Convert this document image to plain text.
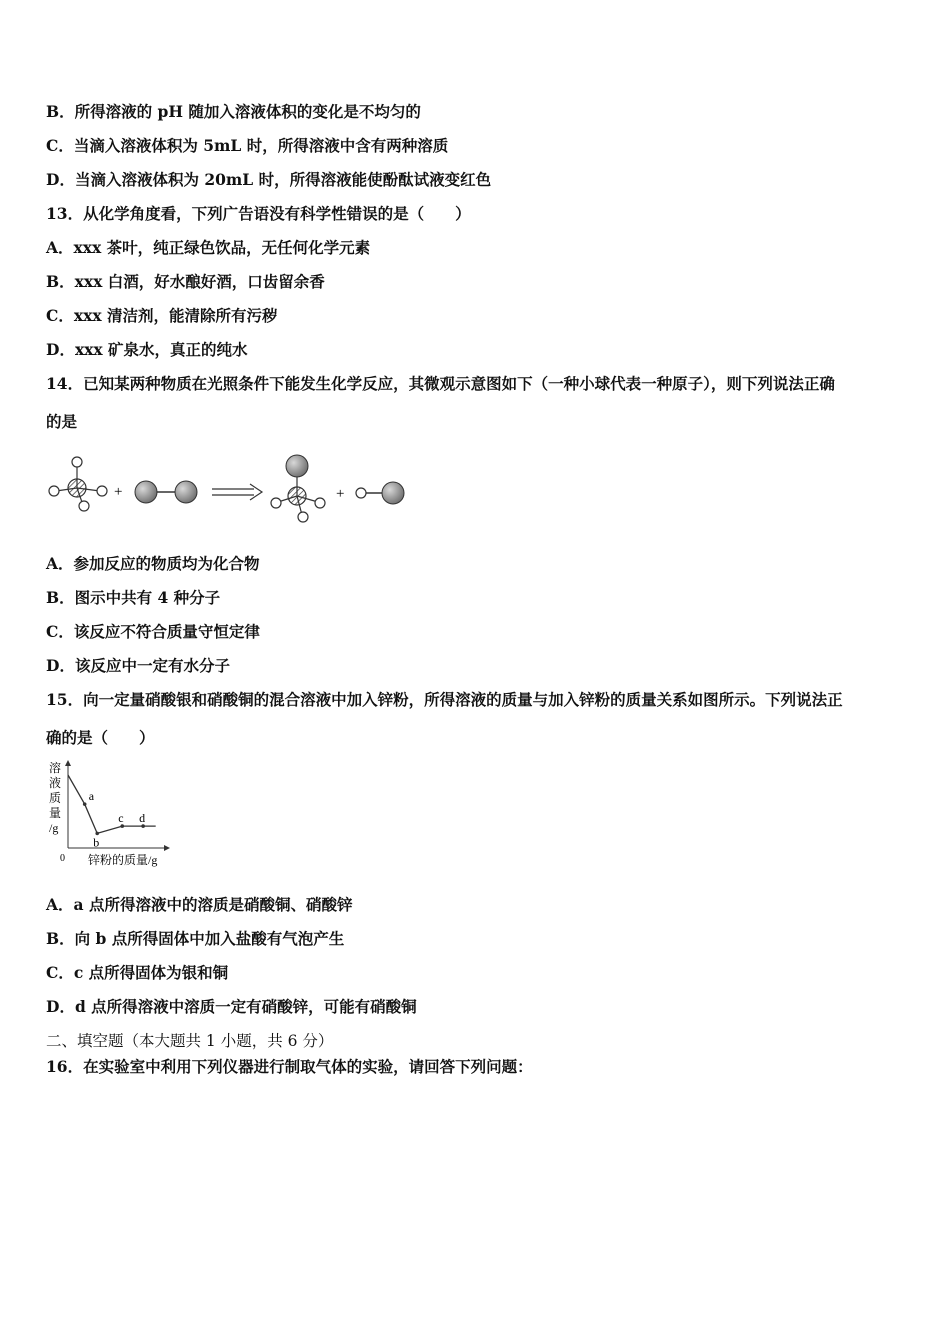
B．所得溶液的 pH 随加入溶液体积的变化是不均匀的
C．当滴入溶液体积为 5mL 时，所得溶液中含有两种溶质
D．当滴入溶液体积为 20mL 时，所得溶液能使酚酞试液变红色
13．从化学角度看，下列广告语没有科学性错误的是（　　）
A．xxx 茶叶，纯正绿色饮品，无任何化学元素
B．xxx 白酒，好水酿好酒，口齿留余香
C．xxx 清洁剂，能清除所有污秽
D．xxx 矿泉水，真正的纯水
14．已知某两种物质在光照条件下能发生化学反应，其微观示意图如下（一种小球代表一种原子），则下列说法正确
的是
+	+
A．参加反应的物质均为化合物
B．图示中共有 4 种分子
C．该反应不符合质量守恒定律
D．该反应中一定有水分子
15．向一定量硝酸银和硝酸铜的混合溶液中加入锌粉，所得溶液的质量与加入锌粉的质量关系如图所示。下列说法正
确的是（　　）
溶
液
质
量
/g
a
b
c d
0 锌粉的质量/g
A．a 点所得溶液中的溶质是硝酸铜、硝酸锌
B．向 b 点所得固体中加入盐酸有气泡产生
C．c 点所得固体为银和铜
D．d 点所得溶液中溶质一定有硝酸锌，可能有硝酸铜
二、填空题（本大题共 1 小题，共 6 分）
16．在实验室中利用下列仪器进行制取气体的实验，请回答下列问题：
